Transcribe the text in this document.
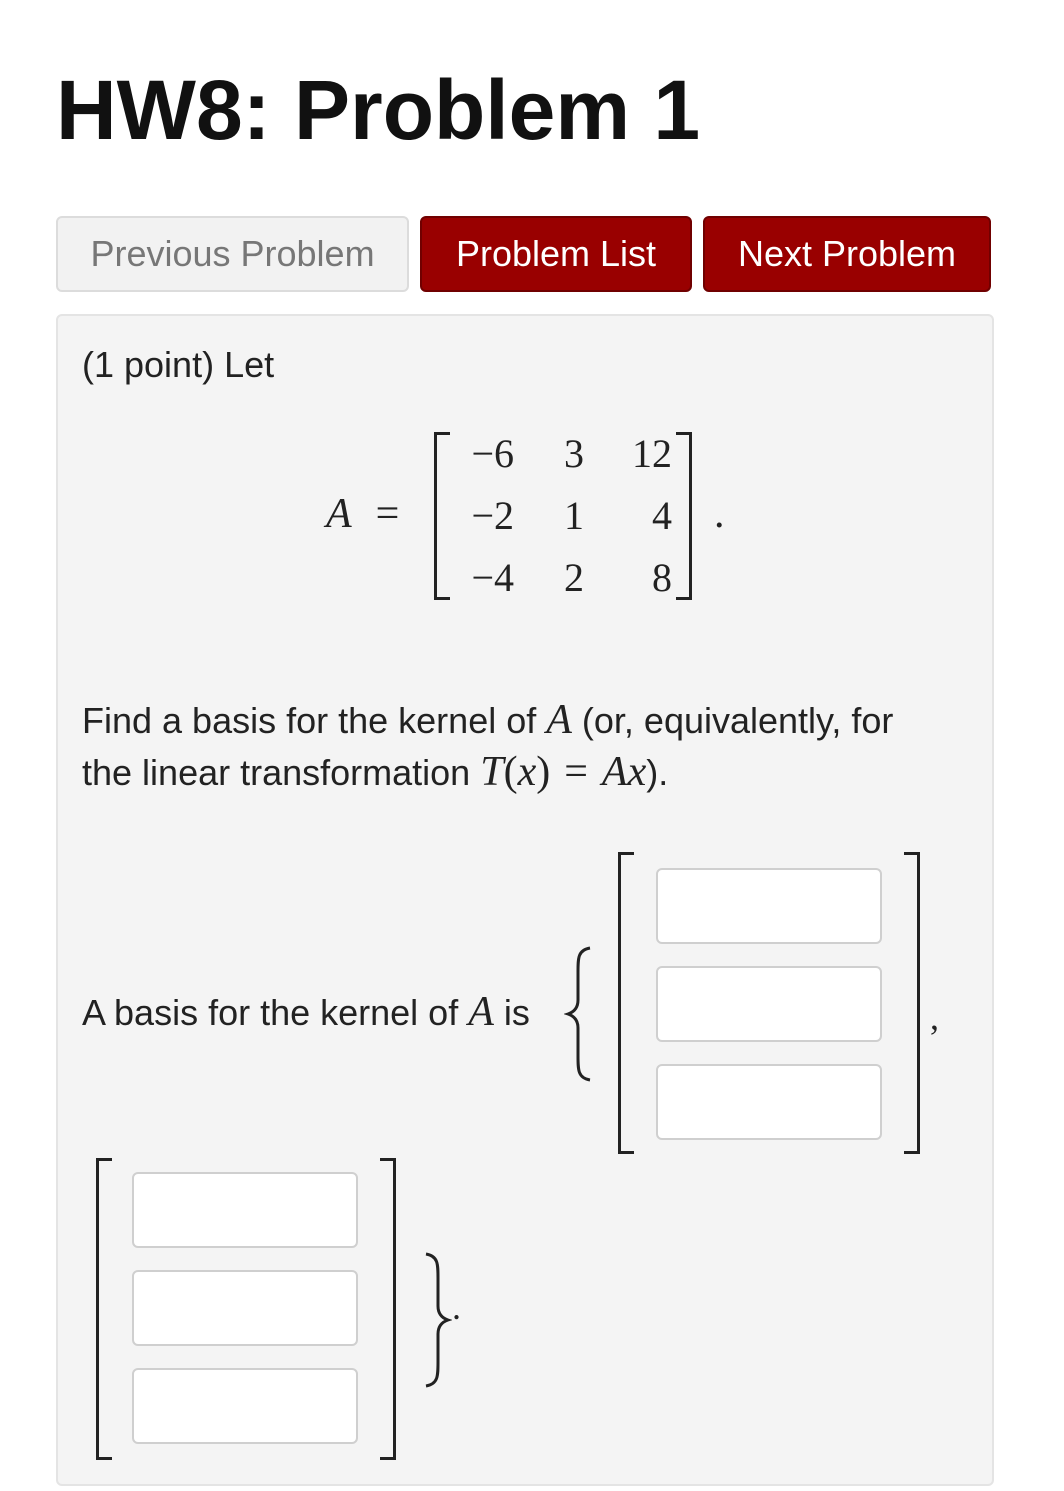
HW8: Problem 1
Previous Problem	Problem List	Next Problem
(1 point) Let
A =
−6	3	12
−2	1	4
−4	2	8
.
Find a basis for the kernel of A (or, equivalently, for
the linear transformation T(x) = Ax).
A basis for the kernel of A is	,
.
